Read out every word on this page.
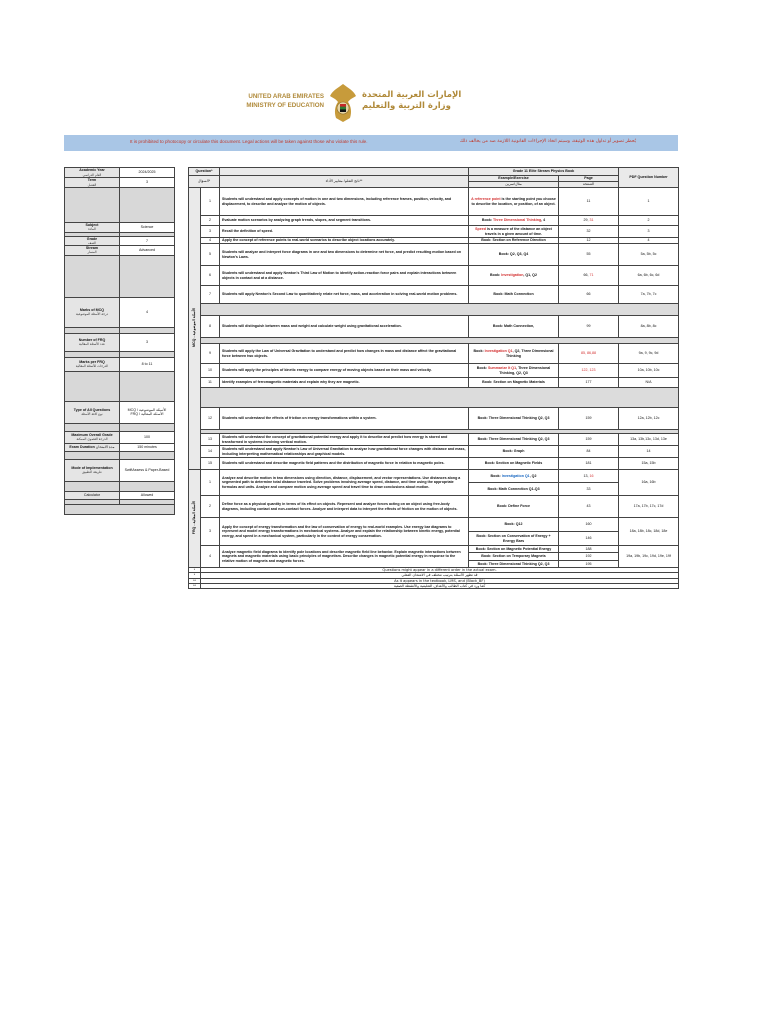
UNITED ARAB EMIRATES
MINISTRY OF EDUCATION
الإمارات العربية المتحدة
وزارة التربية والتعليم
It is prohibited to photocopy or circulate this document. Legal actions will be taken against those who violate this rule.	يُحظر تصوير أو تداول هذه الوثيقة، وسيتم اتخاذ الإجراءات القانونية اللازمة ضد من يخالف ذلك
Academic Year
العام الدراسي	2024/2025
Term
الفصل	3

Subject
المادة	Science

Grade
الصف	7
Stream
المسار	Advanced

Marks of MCQ
درجة الأسئلة الموضوعية	4

Number of FRQ
عدد الأسئلة المقالية	3

Marks per FRQ
الدرجات للأسئلة المقالية	8 to 11

Type of All Questions
نوع كافة الأسئلة	MCQ / الأسئلة الموضوعية
FRQ / الأسئلة المقالية

Maximum Overall Grade
الدرجة القصوى الممكنة	100
Exam Duration مدة الامتحان	150 minutes

Mode of Implementation
طريقة التطبيق	SwiftAssess & Paper-Based

Calculator	Allowed

Question*			Grade 11 Elite Stream Physics Book		PDF Question Number
السؤال*		ناتج التعلم/ معايير الأداء**	Example/Exercise	Page	
			مثال/تمرين	الصفحة	
MCQ - الأسئلة الموضوعية	1	Students will understand and apply concepts of motion in one and two dimensions, including reference frames, position, velocity, and displacement, to describe and analyze the motion of objects.	A reference point is the starting point you choose to describe the location, or position, of an object.	11	1
	2	Evaluate motion scenarios by analyzing graph trends, slopes, and segment transitions.	Book: Three Dimensional Thinking, 4	29, 31	2
	3	Recall the definition of speed.	Speed is a measure of the distance an object travels in a given amount of time.	32	3
	4	Apply the concept of reference points to real-world scenarios to describe object locations accurately.	Book: Section on Reference Direction	12	4
	5	Students will analyze and interpret force diagrams in one and two dimensions to determine net force, and predict resulting motion based on Newton's Laws.	Book: Q2, Q3, Q4	55	5a, 5b, 5c
	6	Students will understand and apply Newton's Third Law of Motion to identify action-reaction force pairs and explain interactions between objects in contact and at a distance.	Book: Investigation, Q1, Q2	66, 71	6a, 6b, 6c, 6d
	7	Students will apply Newton's Second Law to quantitatively relate net force, mass, and acceleration in solving real-world motion problems.	Book: Math Connection	66	7a, 7b, 7c

	8	Students will distinguish between mass and weight and calculate weight using gravitational acceleration.	Book: Math Connection,	99	8a, 8b, 8c

	9	Students will apply the Law of Universal Gravitation to understand and predict how changes in mass and distance affect the gravitational force between two objects.	Book: Investigation Q1, Q2, Three Dimensional Thinking	85, 86,88	9a, 9, 9c, 9d
	10	Students will apply the principles of kinetic energy to compare energy of moving objects based on their mass and velocity.	Book: Summarize It Q1, Three Dimensional Thinking, Q2, Q3	122, 123	10a, 10b, 10c
	11	Identify examples of ferromagnetic materials and explain why they are magnetic.	Book: Section on Magnetic Materials	177	N/A

	12	Students will understand the effects of friction on energy transformations within a system.	Book: Three Dimensional Thinking Q2, Q3	159	12a, 12b, 12c

	13	Students will understand the concept of gravitational potential energy and apply it to describe and predict how energy is stored and transformed in systems involving vertical motion.	Book: Three Dimensional Thinking Q2, Q3	159	13a, 13b,13c, 13d, 13e
	14	Students will understand and apply Newton's Law of Universal Gravitation to analyze how gravitational force changes with distance and mass, including interpreting mathematical relationships and graphical models.	Book: Graph	84	14
	15	Students will understand and describe magnetic field patterns and the distribution of magnetic force in relation to magnetic poles.	Book: Section on Magnetic Fields	181	15a, 15b
FRQ - الأسئلة المقالية	1	Analyze and describe motion in two dimensions using direction, distance, displacement, and vector representations. Use distances along a segmented path to determine total distance traveled. Solve problems involving average speed, distance, and time using the appropriate formulas and units. Analyze and compare motion using average speed and travel time to draw conclusions about motion.	Book: Investigation Q1, Q2	13, 16	16a, 16b
			Book: Math Connection Q1-Q3	33	
	2	Define force as a physical quantity in terms of its effect on objects. Represent and analyze forces acting on an object using free-body diagrams, including contact and non-contact forces. Analyze and interpret data to interpret the effects of friction on the motion of objects.	Book: Define Force	43	17a, 17b, 17c, 17d
	3	Apply the concept of energy transformation and the law of conservation of energy to real-world examples. Use energy bar diagrams to represent and model energy transformations in mechanical systems. Analyze and explain the relationship between kinetic energy, potential energy, and speed in a mechanical system, particularly in the context of energy conservation.	Book: Q12	160	18a, 18b, 18c, 18d, 18e
			Book: Section on Conservation of Energy + Energy Bars	146	
	4	Analyze magnetic field diagrams to identify pole locations and describe magnetic field line behavior. Explain magnetic interactions between magnets and magnetic materials using basic principles of magnetism. Describe changes in magnetic potential energy in response to the relative motion of magnets and magnetic forces.	Book: Section on Magnetic Potential Energy	188	19a, 19b, 19c, 19d, 19e, 19f
			Book: Section on Temporary Magnets	192	
			Book: Three Dimensional Thinking Q2, Q3	195	
*	Questions might appear in a different order in the actual exam.				
*	قد تظهر الأسئلة بترتيب مختلف في الامتحان الفعلي				
**	As it appears in the textbook, LMS, and (Black_BF)				
**	كما ورد في كتاب الطالب والأهداف التعليمية والأنشطة الصفية				
